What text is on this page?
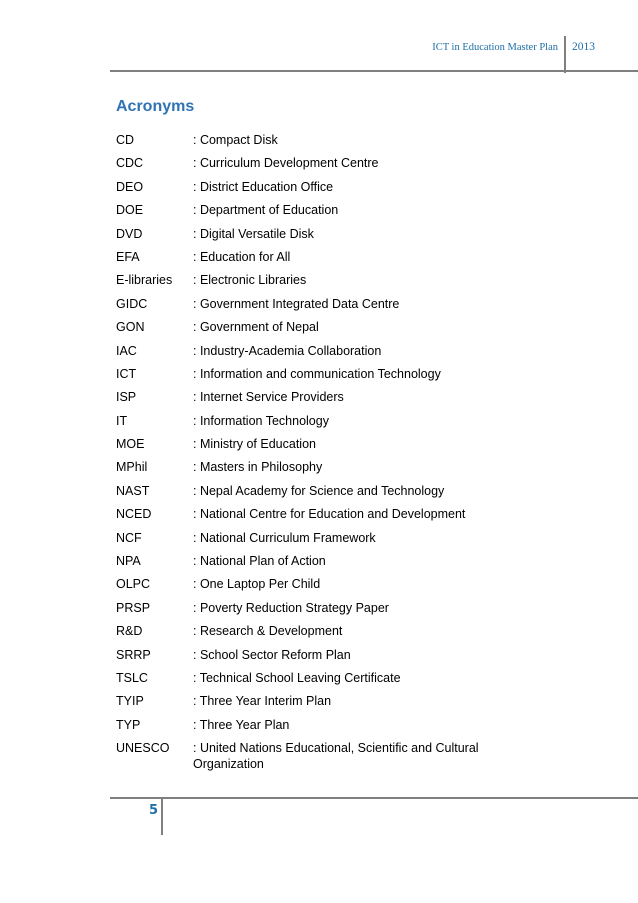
ICT in Education Master Plan 2013
Acronyms
CD	: Compact Disk
CDC	: Curriculum Development Centre
DEO	: District Education Office
DOE	: Department of Education
DVD	: Digital Versatile Disk
EFA	: Education for All
E-libraries	: Electronic Libraries
GIDC	: Government Integrated Data Centre
GON	: Government of Nepal
IAC	: Industry-Academia Collaboration
ICT	: Information and communication Technology
ISP	: Internet Service Providers
IT	: Information Technology
MOE	: Ministry of Education
MPhil	: Masters in Philosophy
NAST	: Nepal Academy for Science and Technology
NCED	: National Centre for Education and Development
NCF	: National Curriculum Framework
NPA	: National Plan of Action
OLPC	: One Laptop Per Child
PRSP	: Poverty Reduction Strategy Paper
R&D	: Research & Development
SRRP	: School Sector Reform Plan
TSLC	: Technical School Leaving Certificate
TYIP	: Three Year Interim Plan
TYP	: Three Year Plan
UNESCO	: United Nations Educational, Scientific and Cultural Organization
5
